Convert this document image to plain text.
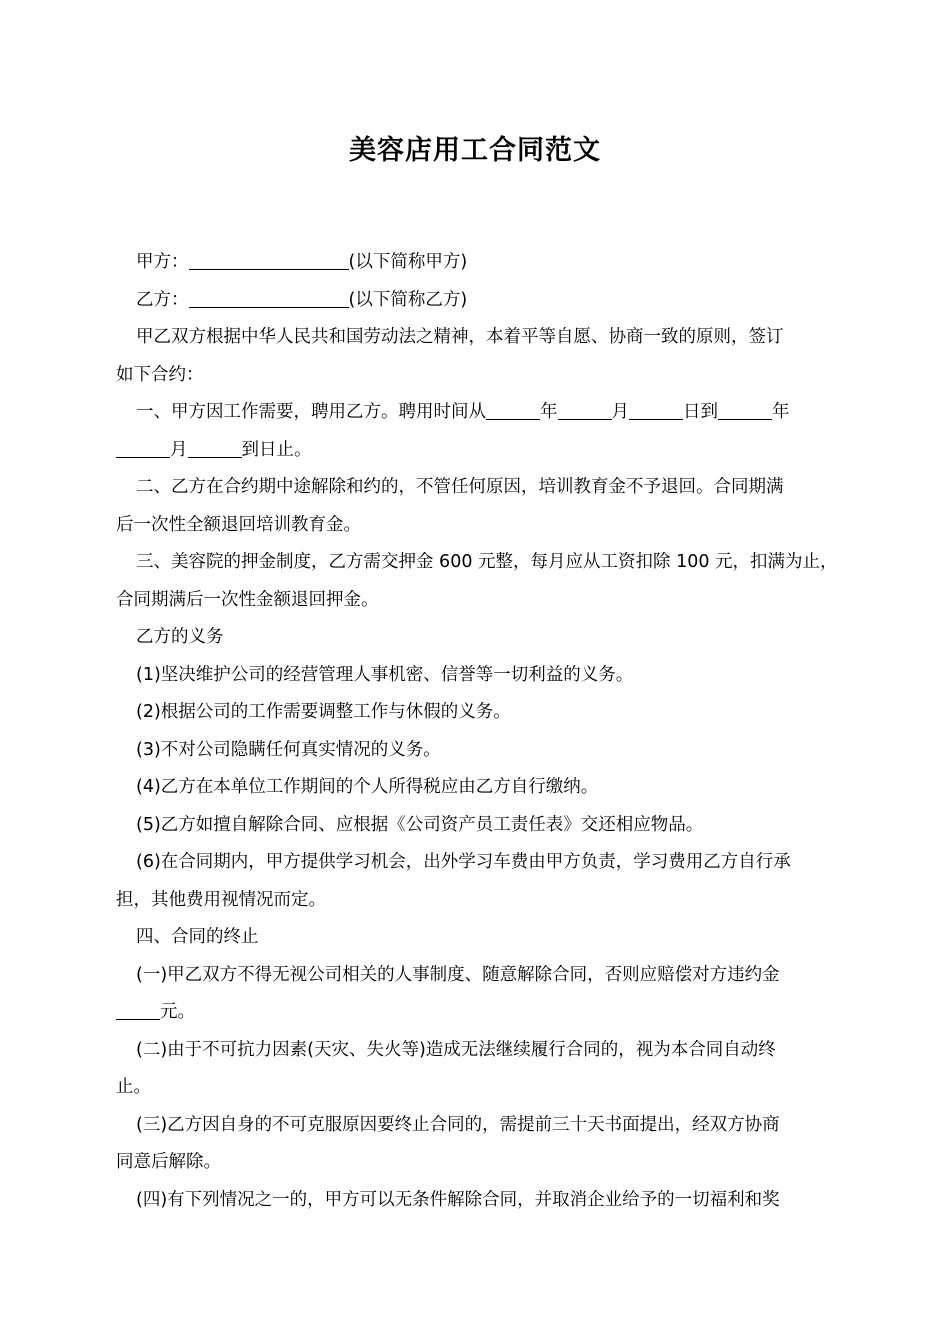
美容店用工合同范文
甲方：	(以下简称甲方)
乙方：	(以下简称乙方)
甲乙双方根据中华人民共和国劳动法之精神，本着平等自愿、协商一致的原则，签订
如下合约：
一、甲方因工作需要，聘用乙方。聘用时间从	年	月	日到	年
月	到日止。
二、乙方在合约期中途解除和约的，不管任何原因，培训教育金不予退回。合同期满
后一次性全额退回培训教育金。
三、美容院的押金制度，乙方需交押金 600 元整，每月应从工资扣除 100 元，扣满为止，
合同期满后一次性金额退回押金。
乙方的义务
(1)坚决维护公司的经营管理人事机密、信誉等一切利益的义务。
(2)根据公司的工作需要调整工作与休假的义务。
(3)不对公司隐瞒任何真实情况的义务。
(4)乙方在本单位工作期间的个人所得税应由乙方自行缴纳。
(5)乙方如擅自解除合同、应根据《公司资产员工责任表》交还相应物品。
(6)在合同期内，甲方提供学习机会，出外学习车费由甲方负责，学习费用乙方自行承
担，其他费用视情况而定。
四、合同的终止
(一)甲乙双方不得无视公司相关的人事制度、随意解除合同，否则应赔偿对方违约金
元。
(二)由于不可抗力因素(天灾、失火等)造成无法继续履行合同的，视为本合同自动终
止。
(三)乙方因自身的不可克服原因要终止合同的，需提前三十天书面提出，经双方协商
同意后解除。
(四)有下列情况之一的，甲方可以无条件解除合同，并取消企业给予的一切福利和奖
